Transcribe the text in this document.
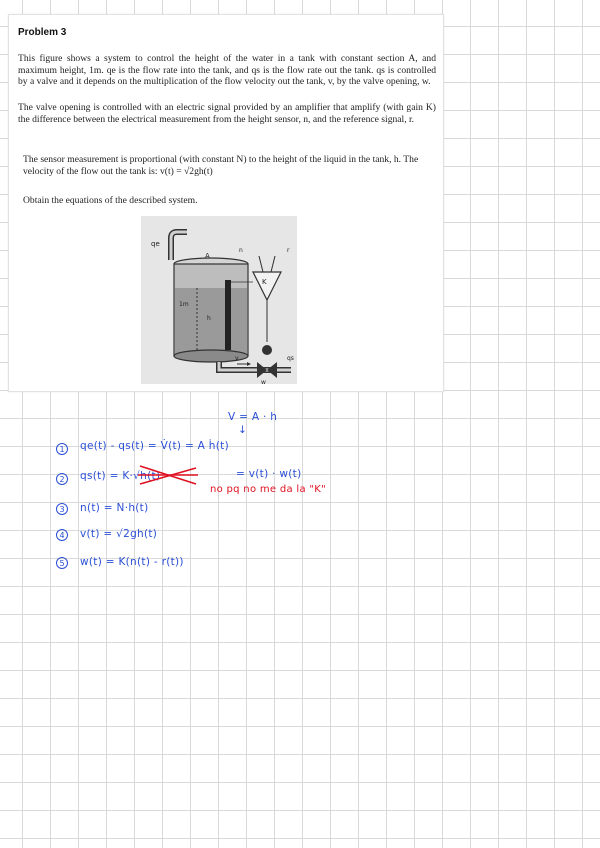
Problem 3
This figure shows a system to control the height of the water in a tank with constant section A, and maximum height, 1m. qe is the flow rate into the tank, and qs is the flow rate out the tank. qs is controlled by a valve and it depends on the multiplication of the flow velocity out the tank, v, by the valve opening, w.
The valve opening is controlled with an electric signal provided by an amplifier that amplify (with gain K) the difference between the electrical measurement from the height sensor, n, and the reference signal, r.
The sensor measurement is proportional (with constant N) to the height of the liquid in the tank, h. The velocity of the flow out the tank is: v(t) = √2gh(t)
Obtain the equations of the described system.
qe
A
n	r
K
h
1m
v	qs
w
V = A · h
↓
1	qe(t) - qs(t) = V̇(t) = A ḣ(t)
2	qs(t) = K·√h(t)	= v(t) · w(t)
no pq no me da la "K"
3	n(t) = N·h(t)
4	v(t) = √2gh(t)
5	w(t) = K(n(t) - r(t))
